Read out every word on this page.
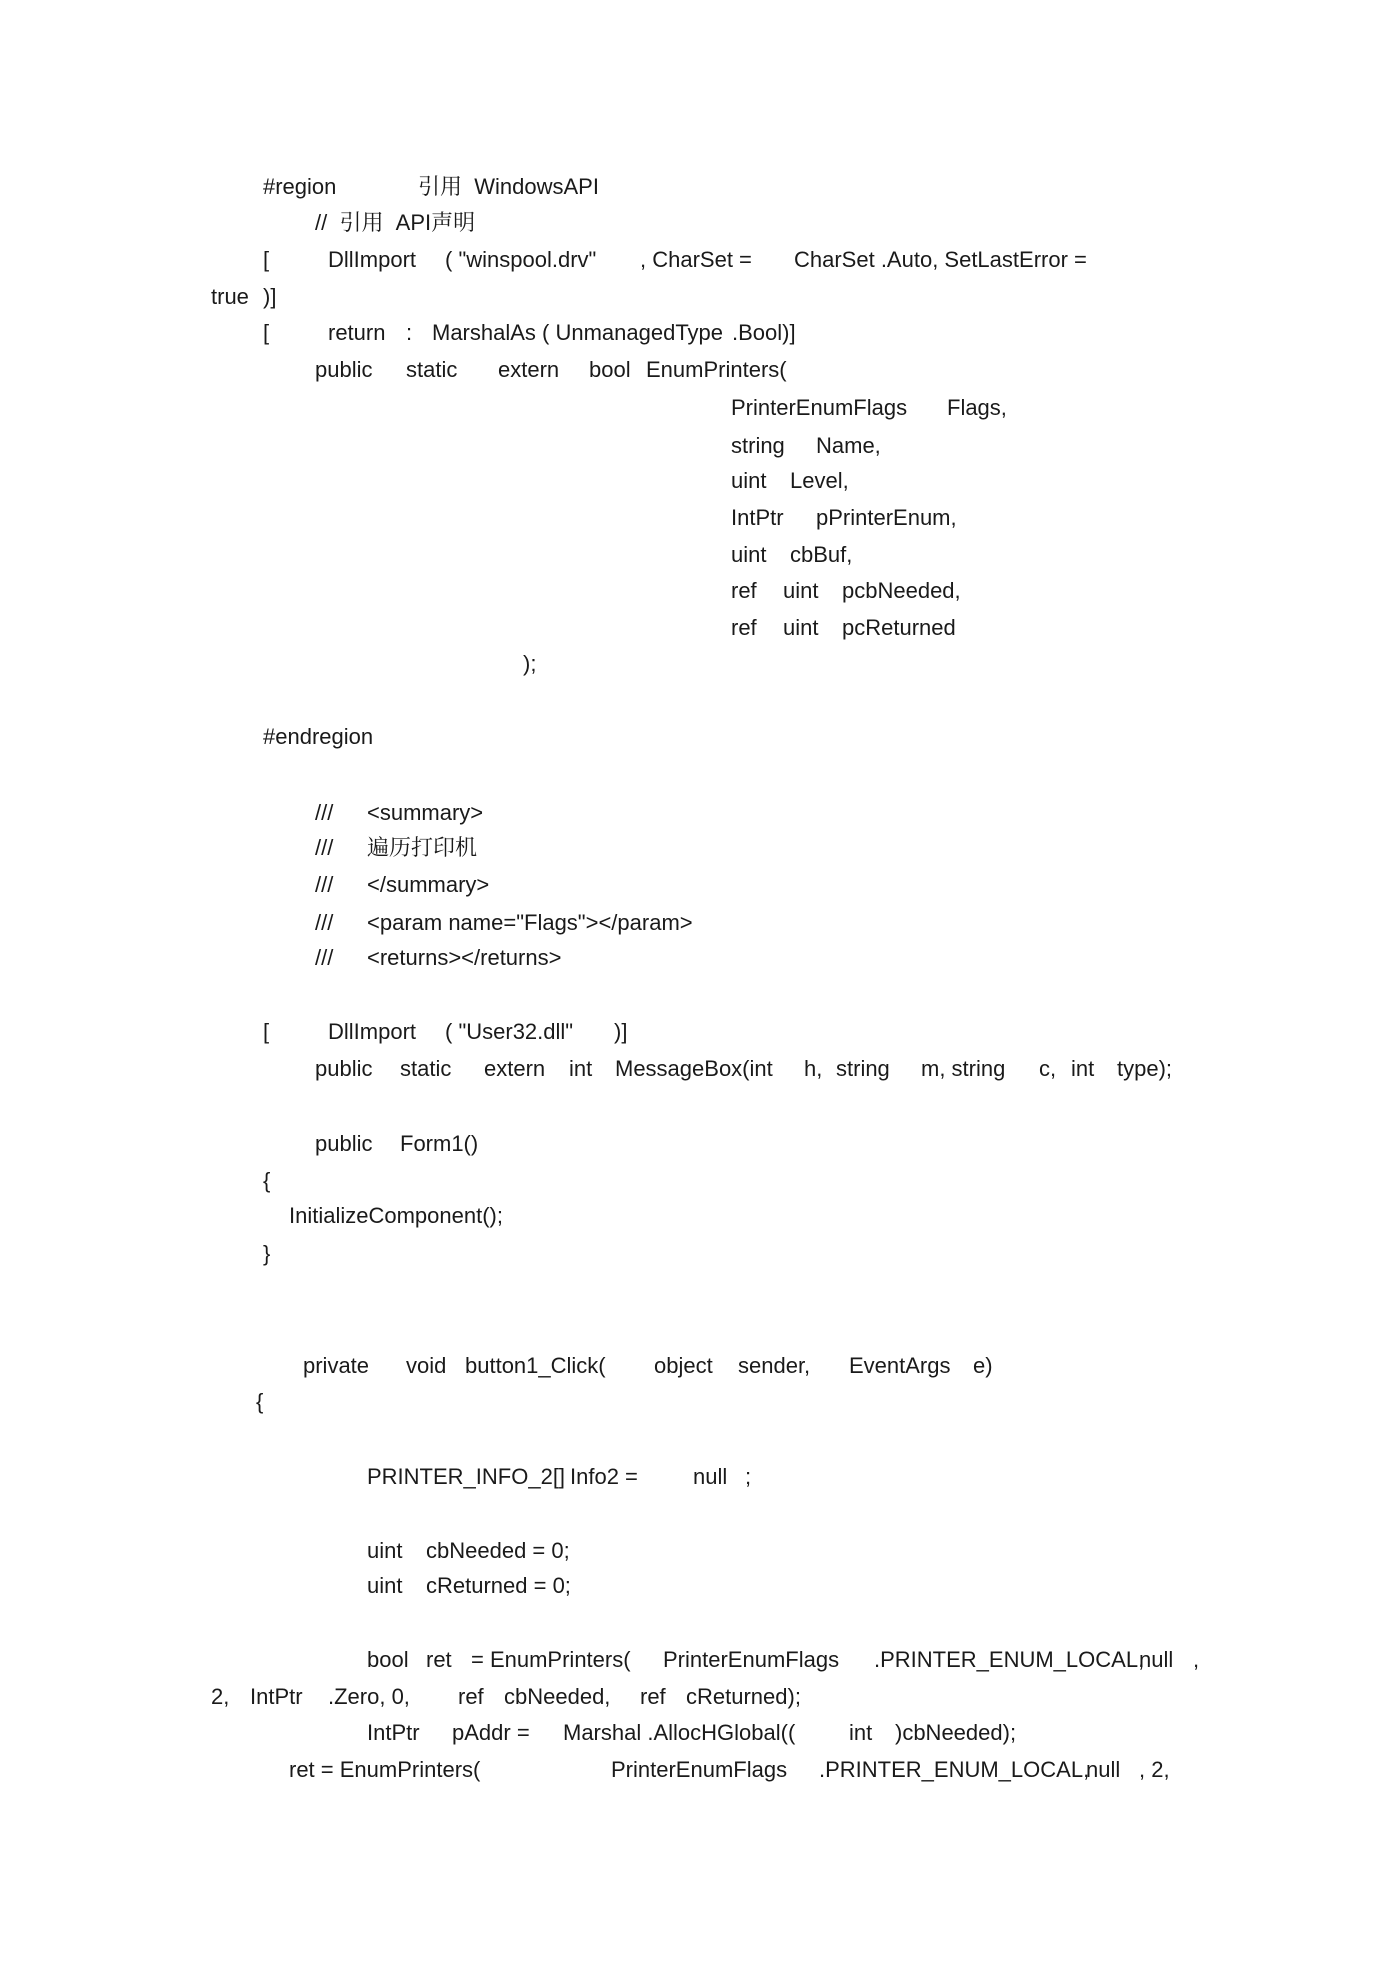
#region	引用  WindowsAPI
//  引用  API声明
[	DllImport ( "winspool.drv" , CharSet = CharSet .Auto, SetLastError =
true )]
[	return : MarshalAs ( UnmanagedType .Bool)]
public static extern bool EnumPrinters(
PrinterEnumFlags Flags,
string Name,
uint Level,
IntPtr pPrinterEnum,
uint cbBuf,
ref uint pcbNeeded,
ref uint pcReturned
);
#endregion
/// <summary>
/// 遍历打印机
/// </summary>
/// <param name="Flags"></param>
/// <returns></returns>
[	DllImport ( "User32.dll" )]
public static extern int MessageBox(int h, string m, string c, int type);
public Form1()
{
InitializeComponent();
}
private void button1_Click( object sender, EventArgs e)
{
PRINTER_INFO_2[] Info2 =	null ;
uint cbNeeded = 0;
uint cReturned = 0;
bool ret = EnumPrinters( PrinterEnumFlags .PRINTER_ENUM_LOCAL,
null ,
2, IntPtr .Zero, 0, ref cbNeeded, ref cReturned);
IntPtr pAddr = Marshal .AllocHGlobal(( int )cbNeeded);
ret = EnumPrinters(	PrinterEnumFlags .PRINTER_ENUM_LOCAL,
null , 2,
